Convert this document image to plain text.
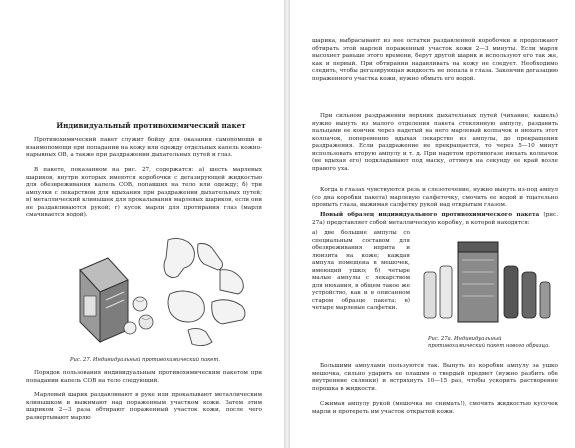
Индивидуальный противохимический пакет

Противохимический пакет служит бойцу для оказания самопомощи и взаимопомощи при попадании на кожу или одежду отдельных капель кожно-нарывных ОВ, а также при раздражении дыхательных путей и глаз.

В пакете, показанном на рис. 27, содержатся: а) шесть марлевых шариков, внутри которых имеются коробочки с дегазирующей жидкостью для обезвреживания капель СОВ, попавших на тело или одежду; б) три ампулки с лекарством для вдыхания при раздражении дыхательных путей; в) металлический клинышек для прокалывания марлевых шариков, если они не раздавливаются рукой; г) кусок марли для протирания глаз (марля смачивается водой).

Рис. 27. Индивидуальный противохимический пакет.

Порядок пользования индивидуальным противохимическим пакетом при попадании капель СОВ на тело следующий.

Марлевый шарик раздавливают в руке или прокалывают металлическим клинышком и выжимают над пораженным участком кожи. Затем этим шариком 2—3 раза обтирают пораженный участок кожи, после чего развертывают марлю

шарика, выбрасывают из нее остатки раздавленной коробочки и продолжают обтирать этой марлей пораженный участок кожи 2—3 минуты. Если марля высохнет раньше этого времени, берут другой шарик и используют его так же, как и первый. При обтирании надавливать на кожу не следует. Необходимо следить, чтобы дегазирующая жидкость не попала в глаза. Закончив дегазацию пораженного участка кожи, нужно обмыть его водой.

При сильном раздражении верхних дыхательных путей (чихание, кашель) нужно вынуть из малого отделения пакета стеклянную ампулу, раздавить пальцами ее кончик через надетый на него марлевый колпачок и нюхать этот колпачок, попеременно вдыхая лекарство из ампулы, до прекращения раздражения. Если раздражение не прекращается, то через 5—10 минут использовать вторую ампулу и т. д. При надетом противогазе нюхать колпачок (не вдыхая его) подкладывают под маску, оттянув на секунду ее край возле правого уха.

Когда в глазах чувствуются резь и слезотечение, нужно вынуть из-под ампул (со дна коробки пакета) марлевую салфеточку, смочить ее водой и тщательно промыть глаза, выжимая салфетку рукой над открытым глазом.

Новый образец индивидуального противохимического пакета (рис. 27а) представляет собой металлическую коробку, в которой находятся:

а) две большие ампулы со специальным составом для обезвреживания иприта и люизита на коже; каждая ампула помещена в мешочек, имеющий ушко; б) четыре малые ампулы с лекарством для нюхания, в общем такое же устройство, как и в описанном старом образце пакета; в) четыре марлевые салфетки.

Рис. 27а. Индивидуальный противохимический пакет нового образца.

Большими ампулами пользуются так. Вынуть из коробки ампулу за ушко мешочка, сильно ударить ее плашмя о твердый предмет (нужно разбить обе внутренние склянки) и встряхнуть 10—15 раз, чтобы ускорить растворение порошка в жидкости.

Сжимая ампулу рукой (мешочка не снимать!), смочить жидкостью кусочек марли и протереть им участок открытой кожи.
